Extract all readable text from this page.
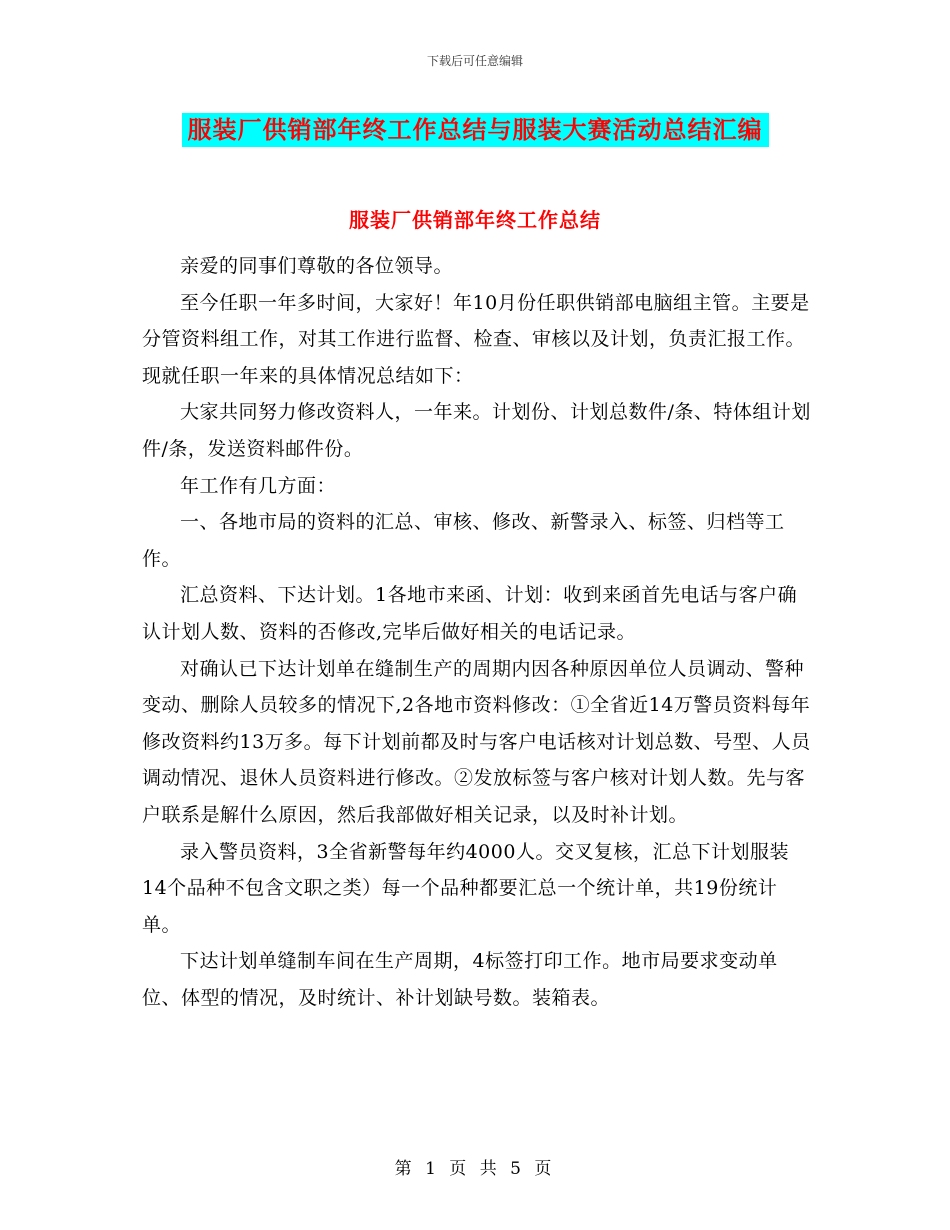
下载后可任意编辑
服装厂供销部年终工作总结与服装大赛活动总结汇编
服装厂供销部年终工作总结

亲爱的同事们尊敬的各位领导。

至今任职一年多时间，大家好！年10月份任职供销部电脑组主管。主要是分管资料组工作，对其工作进行监督、检查、审核以及计划，负责汇报工作。现就任职一年来的具体情况总结如下：

大家共同努力修改资料人，一年来。计划份、计划总数件/条、特体组计划件/条，发送资料邮件份。

年工作有几方面：

一、各地市局的资料的汇总、审核、修改、新警录入、标签、归档等工作。

汇总资料、下达计划。1各地市来函、计划：收到来函首先电话与客户确认计划人数、资料的否修改,完毕后做好相关的电话记录。

对确认已下达计划单在缝制生产的周期内因各种原因单位人员调动、警种变动、删除人员较多的情况下,2各地市资料修改：①全省近14万警员资料每年修改资料约13万多。每下计划前都及时与客户电话核对计划总数、号型、人员调动情况、退休人员资料进行修改。②发放标签与客户核对计划人数。先与客户联系是解什么原因，然后我部做好相关记录，以及时补计划。

录入警员资料，3全省新警每年约4000人。交叉复核，汇总下计划服装14个品种不包含文职之类）每一个品种都要汇总一个统计单，共19份统计单。

下达计划单缝制车间在生产周期，4标签打印工作。地市局要求变动单位、体型的情况，及时统计、补计划缺号数。装箱表。

第 1 页 共 5 页
